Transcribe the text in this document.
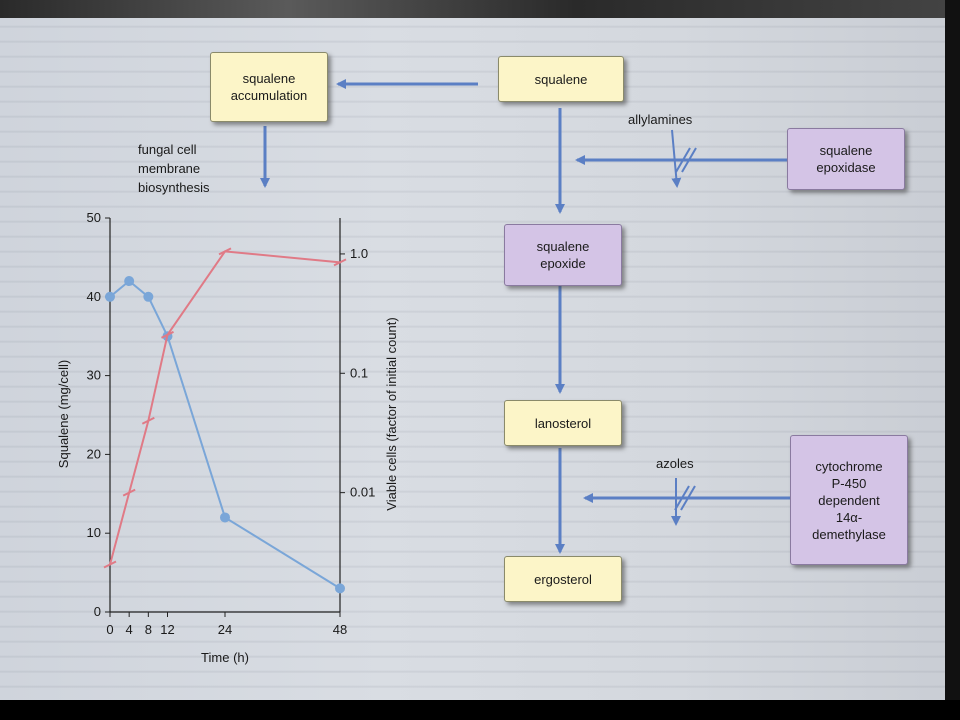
squalene
accumulation
squalene
squalene
epoxidase
squalene
epoxide
lanosterol
cytochrome
P-450
dependent
14α-
demethylase
ergosterol
allylamines
azoles
fungal cell
membrane
biosynthesis
0 4 8 12	24	48
0
10
20
30
40
50
0.01
0.1
1.0
Time (h)
Squalene (mg/cell)	Viable cells (factor of initial count)
